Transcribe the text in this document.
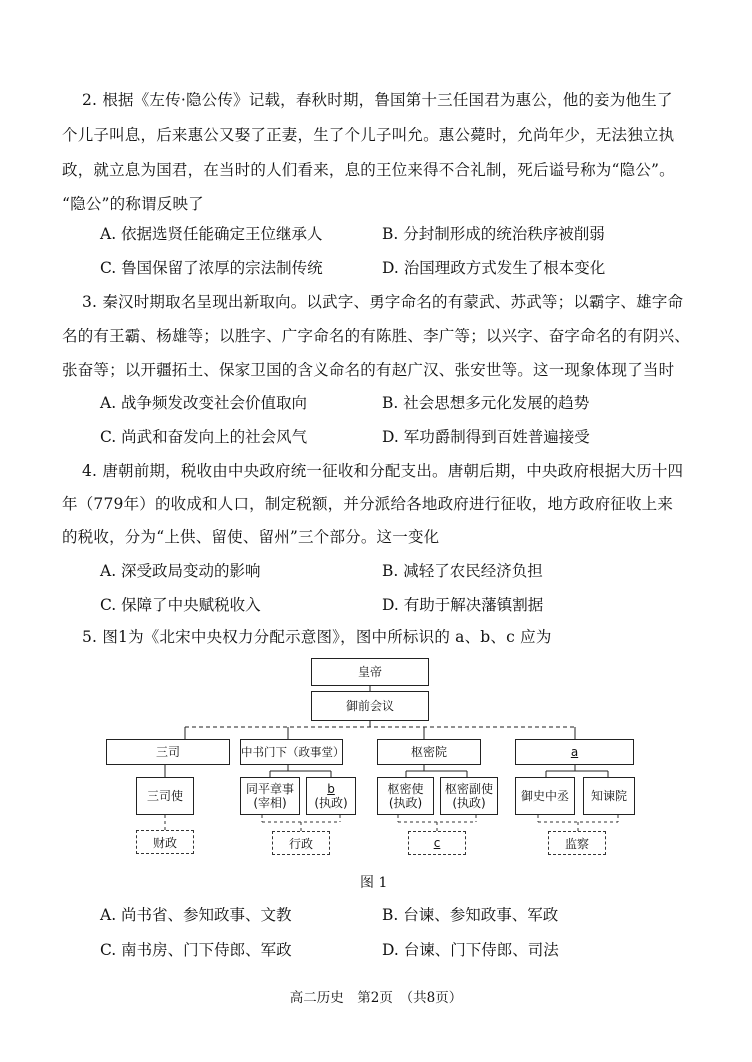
2. 根据《左传·隐公传》记载，春秋时期，鲁国第十三任国君为惠公，他的妾为他生了
个儿子叫息，后来惠公又娶了正妻，生了个儿子叫允。惠公薨时，允尚年少，无法独立执
政，就立息为国君，在当时的人们看来，息的王位来得不合礼制，死后谥号称为“隐公”。
“隐公”的称谓反映了
A. 依据选贤任能确定王位继承人	B. 分封制形成的统治秩序被削弱
C. 鲁国保留了浓厚的宗法制传统	D. 治国理政方式发生了根本变化
3. 秦汉时期取名呈现出新取向。以武字、勇字命名的有蒙武、苏武等；以霸字、雄字命
名的有王霸、杨雄等；以胜字、广字命名的有陈胜、李广等；以兴字、奋字命名的有阴兴、
张奋等；以开疆拓土、保家卫国的含义命名的有赵广汉、张安世等。这一现象体现了当时
A. 战争频发改变社会价值取向	B. 社会思想多元化发展的趋势
C. 尚武和奋发向上的社会风气	D. 军功爵制得到百姓普遍接受
4. 唐朝前期，税收由中央政府统一征收和分配支出。唐朝后期，中央政府根据大历十四
年（779年）的收成和人口，制定税额，并分派给各地政府进行征收，地方政府征收上来
的税收，分为“上供、留使、留州”三个部分。这一变化
A. 深受政局变动的影响	B. 减轻了农民经济负担
C. 保障了中央赋税收入	D. 有助于解决藩镇割据
5. 图1为《北宋中央权力分配示意图》，图中所标识的 a、b、c 应为
皇帝
御前会议
三司	中书门下（政事堂）	枢密院	a
三司使	同平章事
(宰相)
b
(执政)
枢密使
(执政)
枢密副使
(执政)	御史中丞	知谏院
财政	行政	c	监察
图 1
A. 尚书省、参知政事、文教	B. 台谏、参知政事、军政
C. 南书房、门下侍郎、军政	D. 台谏、门下侍郎、司法
高二历史　第2页　（共8页）
